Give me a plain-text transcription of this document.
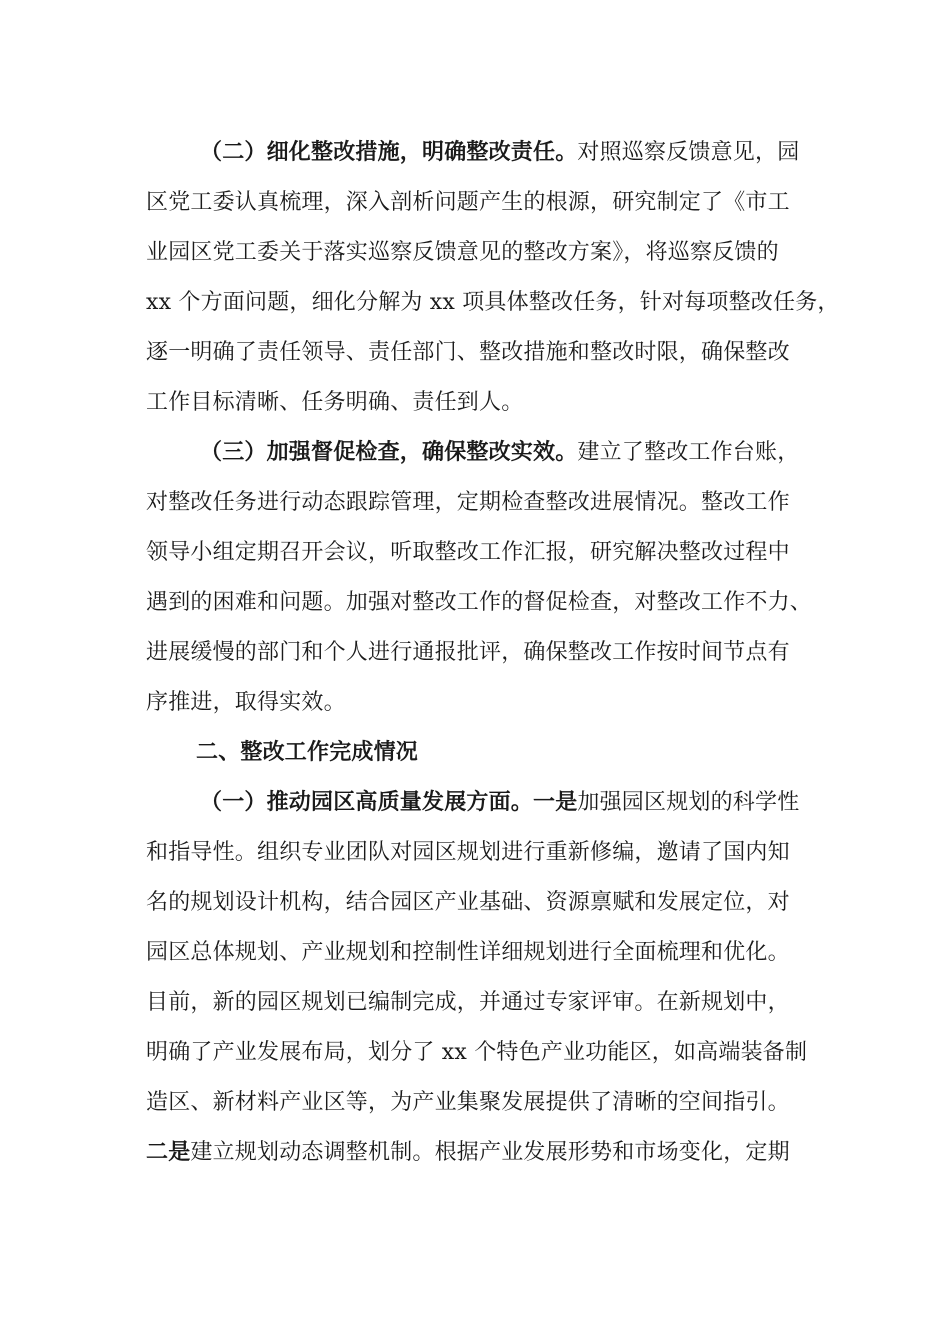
（二）细化整改措施，明确整改责任。对照巡察反馈意见，园
区党工委认真梳理，深入剖析问题产生的根源，研究制定了《市工
业园区党工委关于落实巡察反馈意见的整改方案》，将巡察反馈的
xx 个方面问题，细化分解为 xx 项具体整改任务，针对每项整改任务，
逐一明确了责任领导、责任部门、整改措施和整改时限，确保整改
工作目标清晰、任务明确、责任到人。
（三）加强督促检查，确保整改实效。建立了整改工作台账，
对整改任务进行动态跟踪管理，定期检查整改进展情况。整改工作
领导小组定期召开会议，听取整改工作汇报，研究解决整改过程中
遇到的困难和问题。加强对整改工作的督促检查，对整改工作不力、
进展缓慢的部门和个人进行通报批评，确保整改工作按时间节点有
序推进，取得实效。
二、整改工作完成情况
（一）推动园区高质量发展方面。一是加强园区规划的科学性
和指导性。组织专业团队对园区规划进行重新修编，邀请了国内知
名的规划设计机构，结合园区产业基础、资源禀赋和发展定位，对
园区总体规划、产业规划和控制性详细规划进行全面梳理和优化。
目前，新的园区规划已编制完成，并通过专家评审。在新规划中，
明确了产业发展布局，划分了 xx 个特色产业功能区，如高端装备制
造区、新材料产业区等，为产业集聚发展提供了清晰的空间指引。
二是建立规划动态调整机制。根据产业发展形势和市场变化，定期
